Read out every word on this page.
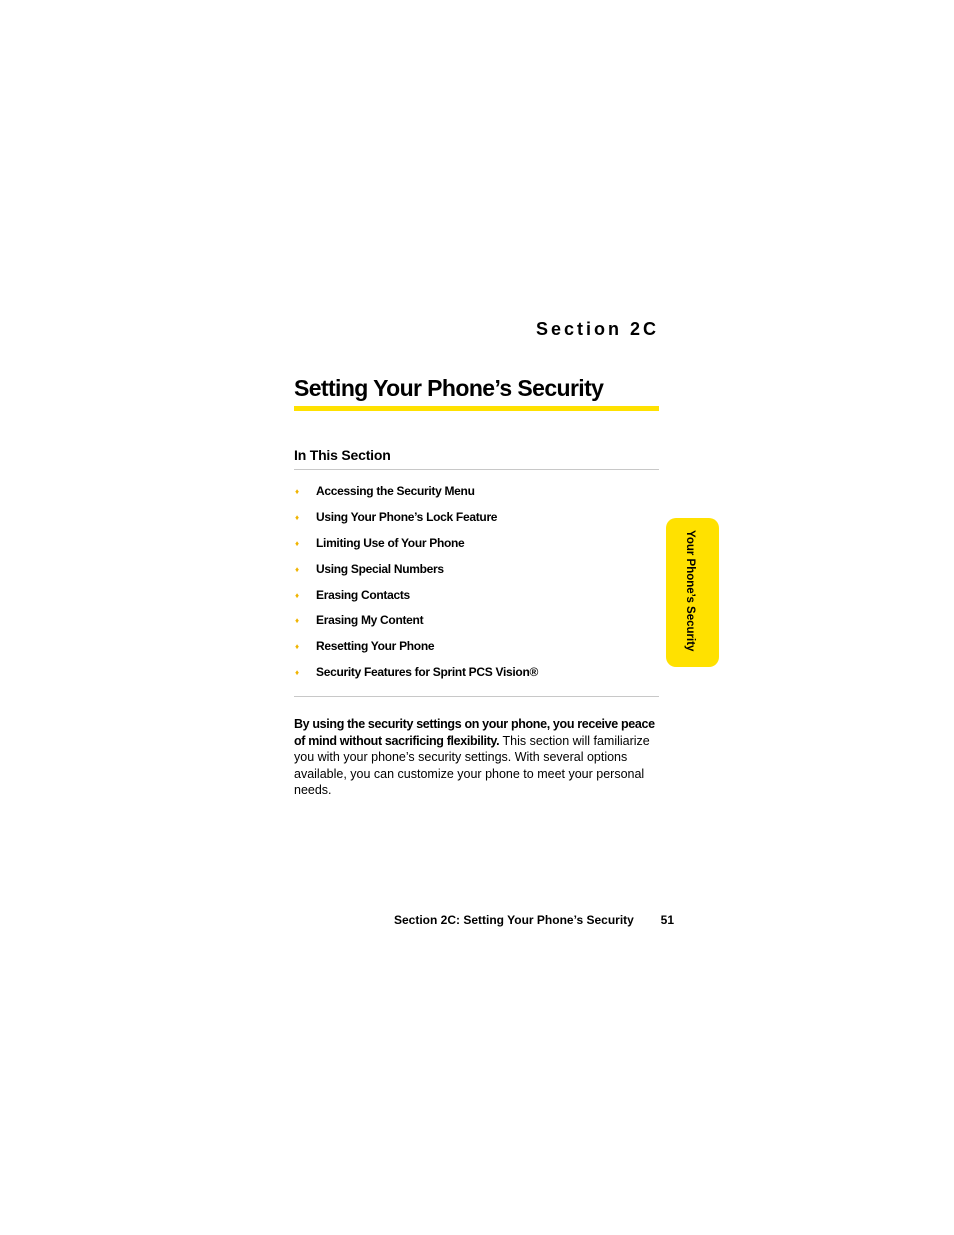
Section 2C
Setting Your Phone’s Security
In This Section
♦ Accessing the Security Menu
♦ Using Your Phone’s Lock Feature
♦ Limiting Use of Your Phone
♦ Using Special Numbers
♦ Erasing Contacts
♦ Erasing My Content
♦ Resetting Your Phone
♦ Security Features for Sprint PCS Vision®

By using the security settings on your phone, you receive peace of mind without sacrificing flexibility. This section will familiarize you with your phone’s security settings. With several options available, you can customize your phone to meet your personal needs.

Section 2C: Setting Your Phone’s Security 51
Your Phone’s Security
